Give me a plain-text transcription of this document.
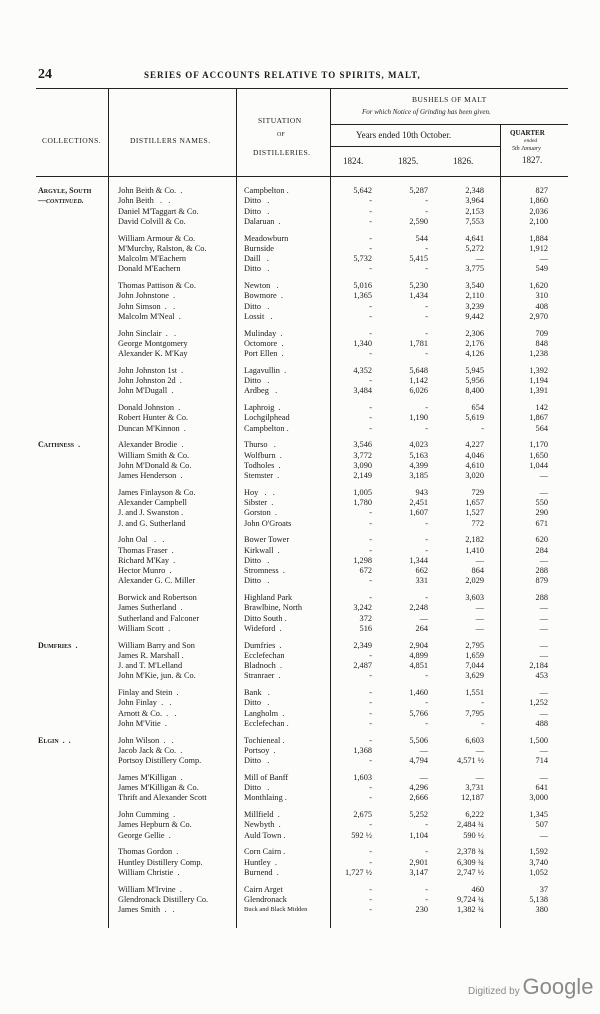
24	SERIES OF ACCOUNTS RELATIVE TO SPIRITS, MALT,
COLLECTIONS.	DISTILLERS NAMES.
SITUATION
OF
DISTILLERIES.
BUSHELS OF MALT
For which Notice of Grinding has been given.
Years ended 10th October.	QUARTER
ended
5th January
1827.
1824.	1825.	1826.
Argyle, South	John Beith & Co.  .	Campbelton .	5,642	5,287	2,348	827
—continued.	John Beith   .   .	Ditto   .	-	-	3,964	1,860
Daniel M'Taggart & Co.	Ditto   .	-	-	2,153	2,036
David Colvill & Co.	Dalaruan  .	-	2,590	7,553	2,100
William Armour & Co.	Meadowburn	-	544	4,641	1,884
M'Murchy, Ralston, & Co.	Burnside	-	-	5,272	1,912
Malcolm M'Eachern	Daill   .	5,732	5,415	—	—
Donald M'Eachern	Ditto   .	-	-	3,775	549
Thomas Pattison & Co.	Newton   .	5,016	5,230	3,540	1,620
John Johnstone  .	Bowmore  .	1,365	1,434	2,110	310
John Simson  .   .	Ditto   .	-	-	3,239	408
Malcolm M'Neal  .	Lossit   .	-	-	9,442	2,970
John Sinclair  .   .	Mulinday  .	-	-	2,306	709
George Montgomery	Octomore  .	1,340	1,781	2,176	848
Alexander K. M'Kay	Port Ellen  .	-	-	4,126	1,238
John Johnston 1st  .	Lagavullin  .	4,352	5,648	5,945	1,392
John Johnston 2d  .	Ditto   .	-	1,142	5,956	1,194
John M'Dugall  .	Ardbeg   .	3,484	6,026	8,400	1,391
Donald Johnston  .	Laphroig  .	-	-	654	142
Robert Hunter & Co.	Lochgilphead	-	1,190	5,619	1,867
Duncan M'Kinnon  .	Campbelton .	-	-	-	564
Caithness  .	Alexander Brodie  .	Thurso   .	3,546	4,023	4,227	1,170
William Smith & Co.	Wolfburn  .	3,772	5,163	4,046	1,650
John M'Donald & Co.	Todholes  .	3,090	4,399	4,610	1,044
James Henderson  .	Stemster  .	2,149	3,185	3,020	—
James Finlayson & Co.	Hoy   .   .	1,005	943	729	—
Alexander Campbell	Sibster  .	1,780	2,451	1,657	550
J. and J. Swanston .	Gorston  .	-	1,607	1,527	290
J. and G. Sutherland	John O'Groats	-	-	772	671
John Oal   .   .	Bower Tower	-	-	2,182	620
Thomas Fraser  .	Kirkwall  .	-	-	1,410	284
Richard M'Kay  .	Ditto   .	1,298	1,344	—	—
Hector Munro  .	Stromness  .	672	662	864	288
Alexander G. C. Miller	Ditto   .	-	331	2,029	879
Borwick and Robertson	Highland Park	-	-	3,603	288
James Sutherland  .	Brawlbine, North	3,242	2,248	—	—
Sutherland and Falconer	Ditto South .	372	—	—	—
William Scott  .	Wideford  .	516	264	—	—
Dumfries  .	William Barry and Son	Dumfries  .	2,349	2,904	2,795	—
James R. Marshall .	Ecclefechan	-	4,899	1,659	—
J. and T. M'Lelland	Bladnoch  .	2,487	4,851	7,044	2,184
John M'Kie, jun. & Co.	Stranraer  .	-	-	3,629	453
Finlay and Stein  .	Bank   .	-	1,460	1,551	—
John Finlay  .   .	Ditto   .	-	-	-	1,252
Arnott & Co.  .   .	Langholm  .	-	5,766	7,795	—
John M'Vitie  .	Ecclefechan .	-	-	-	488
Elgin  .  .	John Wilson  .   .	Tochieneal .	-	5,506	6,603	1,500
Jacob Jack & Co.  .	Portsoy  .	1,368	—	—	—
Portsoy Distillery Comp.	Ditto   .	-	4,794	4,571 ½	714
James M'Killigan  .	Mill of Banff	1,603	—	—	—
James M'Killigan & Co.	Ditto   .	-	4,296	3,731	641
Thrift and Alexander Scott	Monthlaing .	-	2,666	12,187	3,000
John Cumming  .	Millfield  .	2,675	5,252	6,222	1,345
James Hepburn & Co.	Newbyth  .	-	-	2,484 ¾	507
George Gellie  .	Auld Town .	592 ½	1,104	590 ½	—
Thomas Gordon  .	Corn Cairn .	-	-	2,378 ¾	1,592
Huntley Distillery Comp.	Huntley  .	-	2,901	6,309 ¾	3,740
William Christie  .	Burnend  .	1,727 ½	3,147	2,747 ½	1,052
William M'Irvine  .	Cairn Arget	-	-	460	37
Glendronack Distillery Co.	Glendronack	-	-	9,724 ¾	5,138
James Smith  .   .	Buck and Black Midden	-	230	1,382 ¾	380
Digitized by Google
